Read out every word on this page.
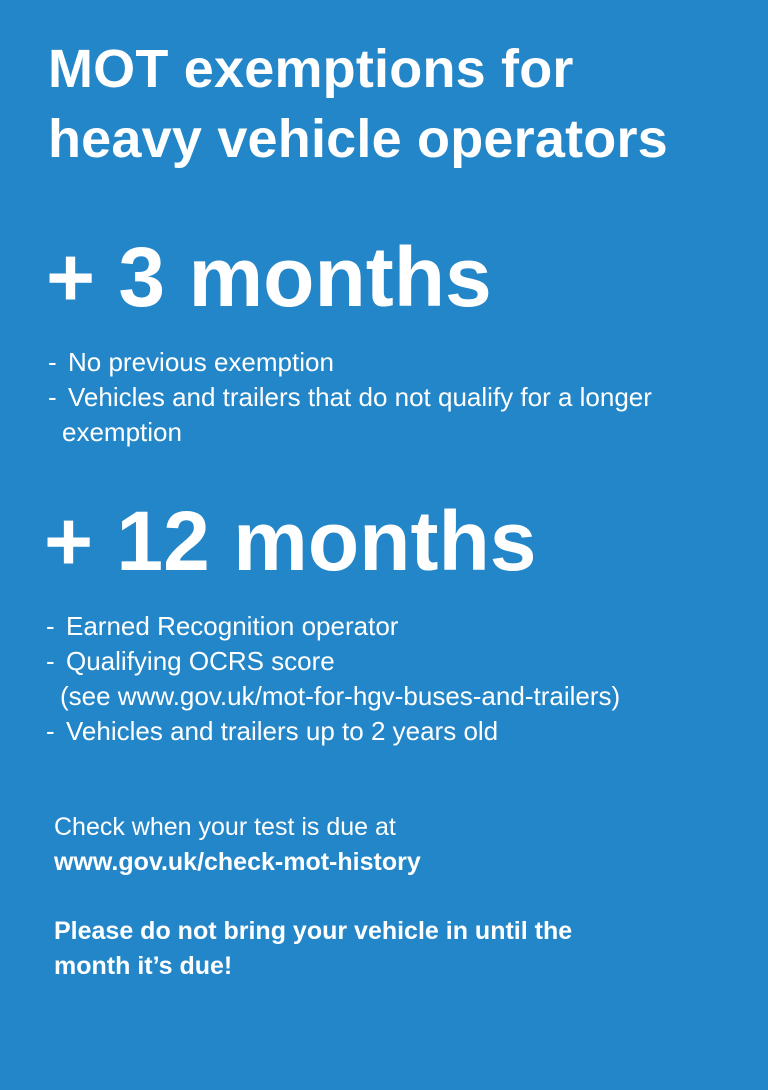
MOT exemptions for
heavy vehicle operators
+ 3 months
- No previous exemption
- Vehicles and trailers that do not qualify for a longer
exemption
+ 12 months
- Earned Recognition operator
- Qualifying OCRS score
(see www.gov.uk/mot-for-hgv-buses-and-trailers)
- Vehicles and trailers up to 2 years old

Check when your test is due at
www.gov.uk/check-mot-history

Please do not bring your vehicle in until the
month it’s due!
